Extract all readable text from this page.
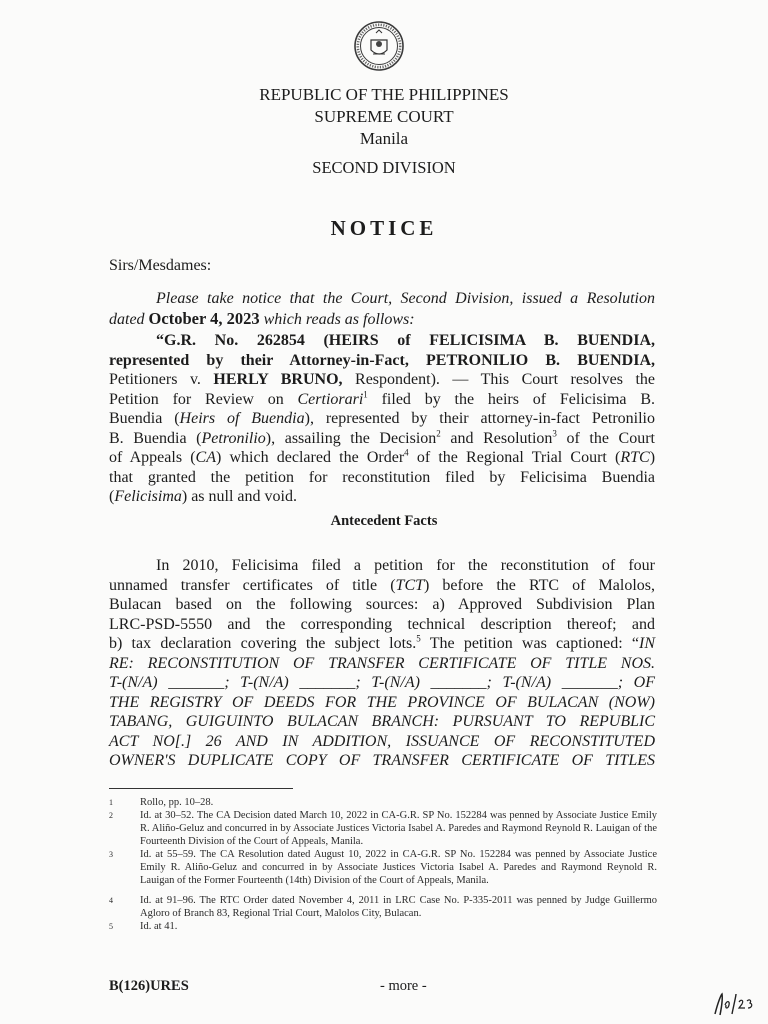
REPUBLIC OF THE PHILIPPINES
SUPREME COURT
Manila
SECOND DIVISION
NOTICE
Sirs/Mesdames:
Please take notice that the Court, Second Division, issued a Resolution
dated October 4, 2023 which reads as follows:
“G.R. No. 262854 (HEIRS of FELICISIMA B. BUENDIA,
represented by their Attorney-in-Fact, PETRONILIO B. BUENDIA,
Petitioners v. HERLY BRUNO, Respondent). — This Court resolves the
Petition for Review on Certiorari$^1$ filed by the heirs of Felicisima B.
Buendia (Heirs of Buendia), represented by their attorney-in-fact Petronilio
B. Buendia (Petronilio), assailing the Decision$^2$ and Resolution$^3$ of the Court
of Appeals (CA) which declared the Order$^4$ of the Regional Trial Court (RTC)
that granted the petition for reconstitution filed by Felicisima Buendia
(Felicisima) as null and void.
Antecedent Facts
In 2010, Felicisima filed a petition for the reconstitution of four
unnamed transfer certificates of title (TCT) before the RTC of Malolos,
Bulacan based on the following sources: a) Approved Subdivision Plan
LRC-PSD-5550 and the corresponding technical description thereof; and
b) tax declaration covering the subject lots.$^5$ The petition was captioned: “IN
RE: RECONSTITUTION OF TRANSFER CERTIFICATE OF TITLE NOS.
T-(N/A) _______; T-(N/A) _______; T-(N/A) _______; T-(N/A) _______; OF
THE REGISTRY OF DEEDS FOR THE PROVINCE OF BULACAN (NOW)
TABANG, GUIGUINTO BULACAN BRANCH: PURSUANT TO REPUBLIC
ACT NO[.] 26 AND IN ADDITION, ISSUANCE OF RECONSTITUTED
OWNER'S DUPLICATE COPY OF TRANSFER CERTIFICATE OF TITLES
1	Rollo, pp. 10–28.
2	Id. at 30–52. The CA Decision dated March 10, 2022 in CA-G.R. SP No. 152284 was penned by Associate Justice Emily R. Aliño-Geluz and concurred in by Associate Justices Victoria Isabel A. Paredes and Raymond Reynold R. Lauigan of the Fourteenth Division of the Court of Appeals, Manila.
3	Id. at 55–59. The CA Resolution dated August 10, 2022 in CA-G.R. SP No. 152284 was penned by Associate Justice Emily R. Aliño-Geluz and concurred in by Associate Justices Victoria Isabel A. Paredes and Raymond Reynold R. Lauigan of the Former Fourteenth (14th) Division of the Court of Appeals, Manila.
4	Id. at 91–96. The RTC Order dated November 4, 2011 in LRC Case No. P-335-2011 was penned by Judge Guillermo Agloro of Branch 83, Regional Trial Court, Malolos City, Bulacan.
5	Id. at 41.
B(126)URES	- more -
